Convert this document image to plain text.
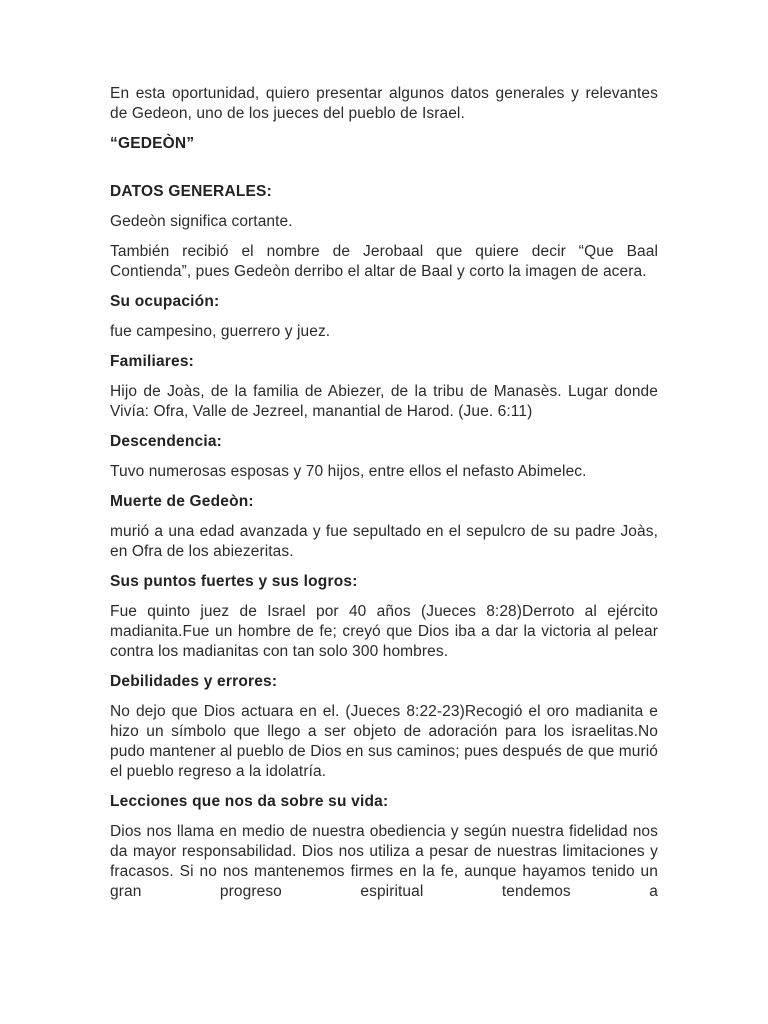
En esta oportunidad, quiero presentar algunos datos generales y relevantes de Gedeon, uno de los jueces del pueblo de Israel.

“GEDEÒN”

DATOS GENERALES:

Gedeòn significa cortante.

También recibió el nombre de Jerobaal que quiere decir “Que Baal Contienda”, pues Gedeòn derribo el altar de Baal y corto la imagen de acera.

Su ocupación:

fue campesino, guerrero y juez.

Familiares:

Hijo de Joàs, de la familia de Abiezer, de la tribu de Manasès. Lugar donde Vivía: Ofra, Valle de Jezreel, manantial de Harod. (Jue. 6:11)

Descendencia:

Tuvo numerosas esposas y 70 hijos, entre ellos el nefasto Abimelec.

Muerte de Gedeòn:

murió a una edad avanzada y fue sepultado en el sepulcro de su padre Joàs, en Ofra de los abiezeritas.

Sus puntos fuertes y sus logros:

Fue quinto juez de Israel por 40 años (Jueces 8:28)Derroto al ejército madianita.Fue un hombre de fe; creyó que Dios iba a dar la victoria al pelear contra los madianitas con tan solo 300 hombres.

Debilidades y errores:

No dejo que Dios actuara en el. (Jueces 8:22-23)Recogió el oro madianita e hizo un símbolo que llego a ser objeto de adoración para los israelitas.No pudo mantener al pueblo de Dios en sus caminos; pues después de que murió el pueblo regreso a la idolatría.

Lecciones que nos da sobre su vida:

Dios nos llama en medio de nuestra obediencia y según nuestra fidelidad nos da mayor responsabilidad. Dios nos utiliza a pesar de nuestras limitaciones y fracasos. Si no nos mantenemos firmes en la fe, aunque hayamos tenido un gran progreso espiritual tendemos a
